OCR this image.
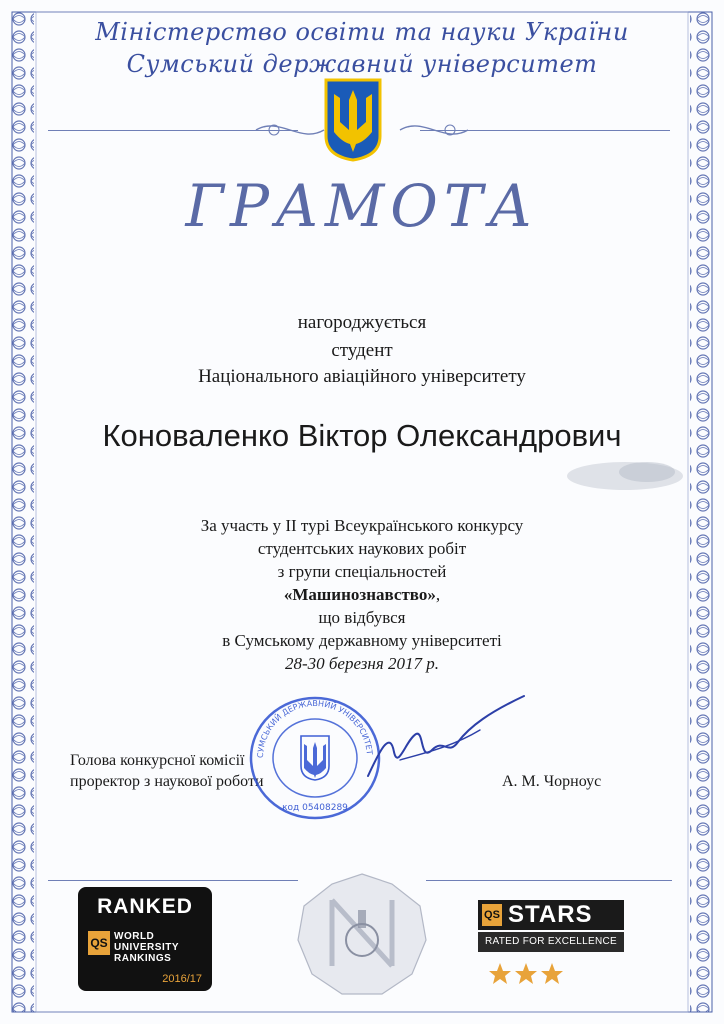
Міністерство освіти та науки України
Сумський державний університет
ГРАМОТА
нагороджується
студент
Національного авіаційного університету
Коноваленко Віктор Олександрович
За участь у II турі Всеукраїнського конкурсу
студентських наукових робіт
з групи спеціальностей
«Машинознавство»,
що відбувся
в Сумському державному університеті
28-30 березня 2017 р.
Голова конкурсної комісії
проректор з наукової роботи	А. М. Чорноус
СУМСЬКИЙ ДЕРЖАВНИЙ УНІВЕРСИТЕТ
код 05408289
RANKED
QS WORLD
UNIVERSITY
RANKINGS
2016/17
QS STARS
RATED FOR EXCELLENCE
